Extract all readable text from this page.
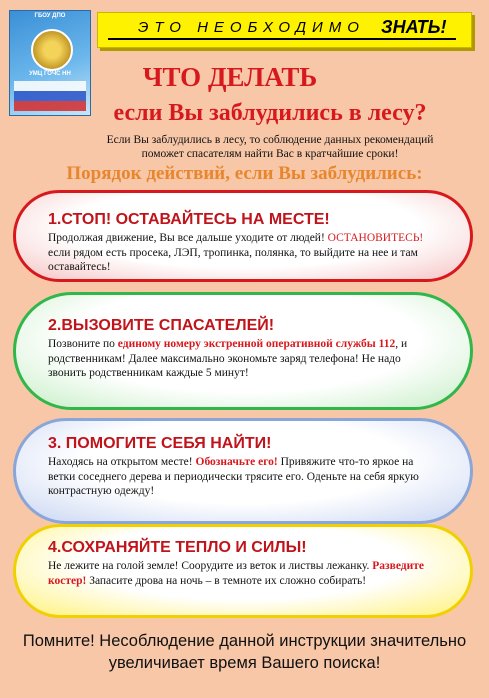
ГБОУ ДПО
УМЦ ГОЧС НН
ЭТО НЕОБХОДИМО ЗНАТЬ!
ЧТО ДЕЛАТЬ
если Вы заблудились в лесу?
Если Вы заблудились в лесу, то соблюдение данных рекомендаций поможет спасателям найти Вас в кратчайшие сроки!
Порядок действий, если Вы заблудились:
1.СТОП! ОСТАВАЙТЕСЬ НА МЕСТЕ!
Продолжая движение, Вы все дальше уходите от людей! ОСТАНОВИТЕСЬ! если рядом есть просека, ЛЭП, тропинка, полянка, то выйдите на нее и там оставайтесь!
2.ВЫЗОВИТЕ СПАСАТЕЛЕЙ!
Позвоните по единому номеру экстренной оперативной службы 112, и родственникам! Далее максимально экономьте заряд телефона! Не надо звонить родственникам каждые 5 минут!
3. ПОМОГИТЕ СЕБЯ НАЙТИ!
Находясь на открытом месте! Обозначьте его! Привяжите что-то яркое на ветки соседнего дерева и периодически трясите его. Оденьте на себя яркую контрастную одежду!
4.СОХРАНЯЙТЕ ТЕПЛО И СИЛЫ!
Не лежите на голой земле! Соорудите из веток и листвы лежанку. Разведите костер! Запасите дрова на ночь – в темноте их сложно собирать!
Помните! Несоблюдение данной инструкции значительно
увеличивает время Вашего поиска!
